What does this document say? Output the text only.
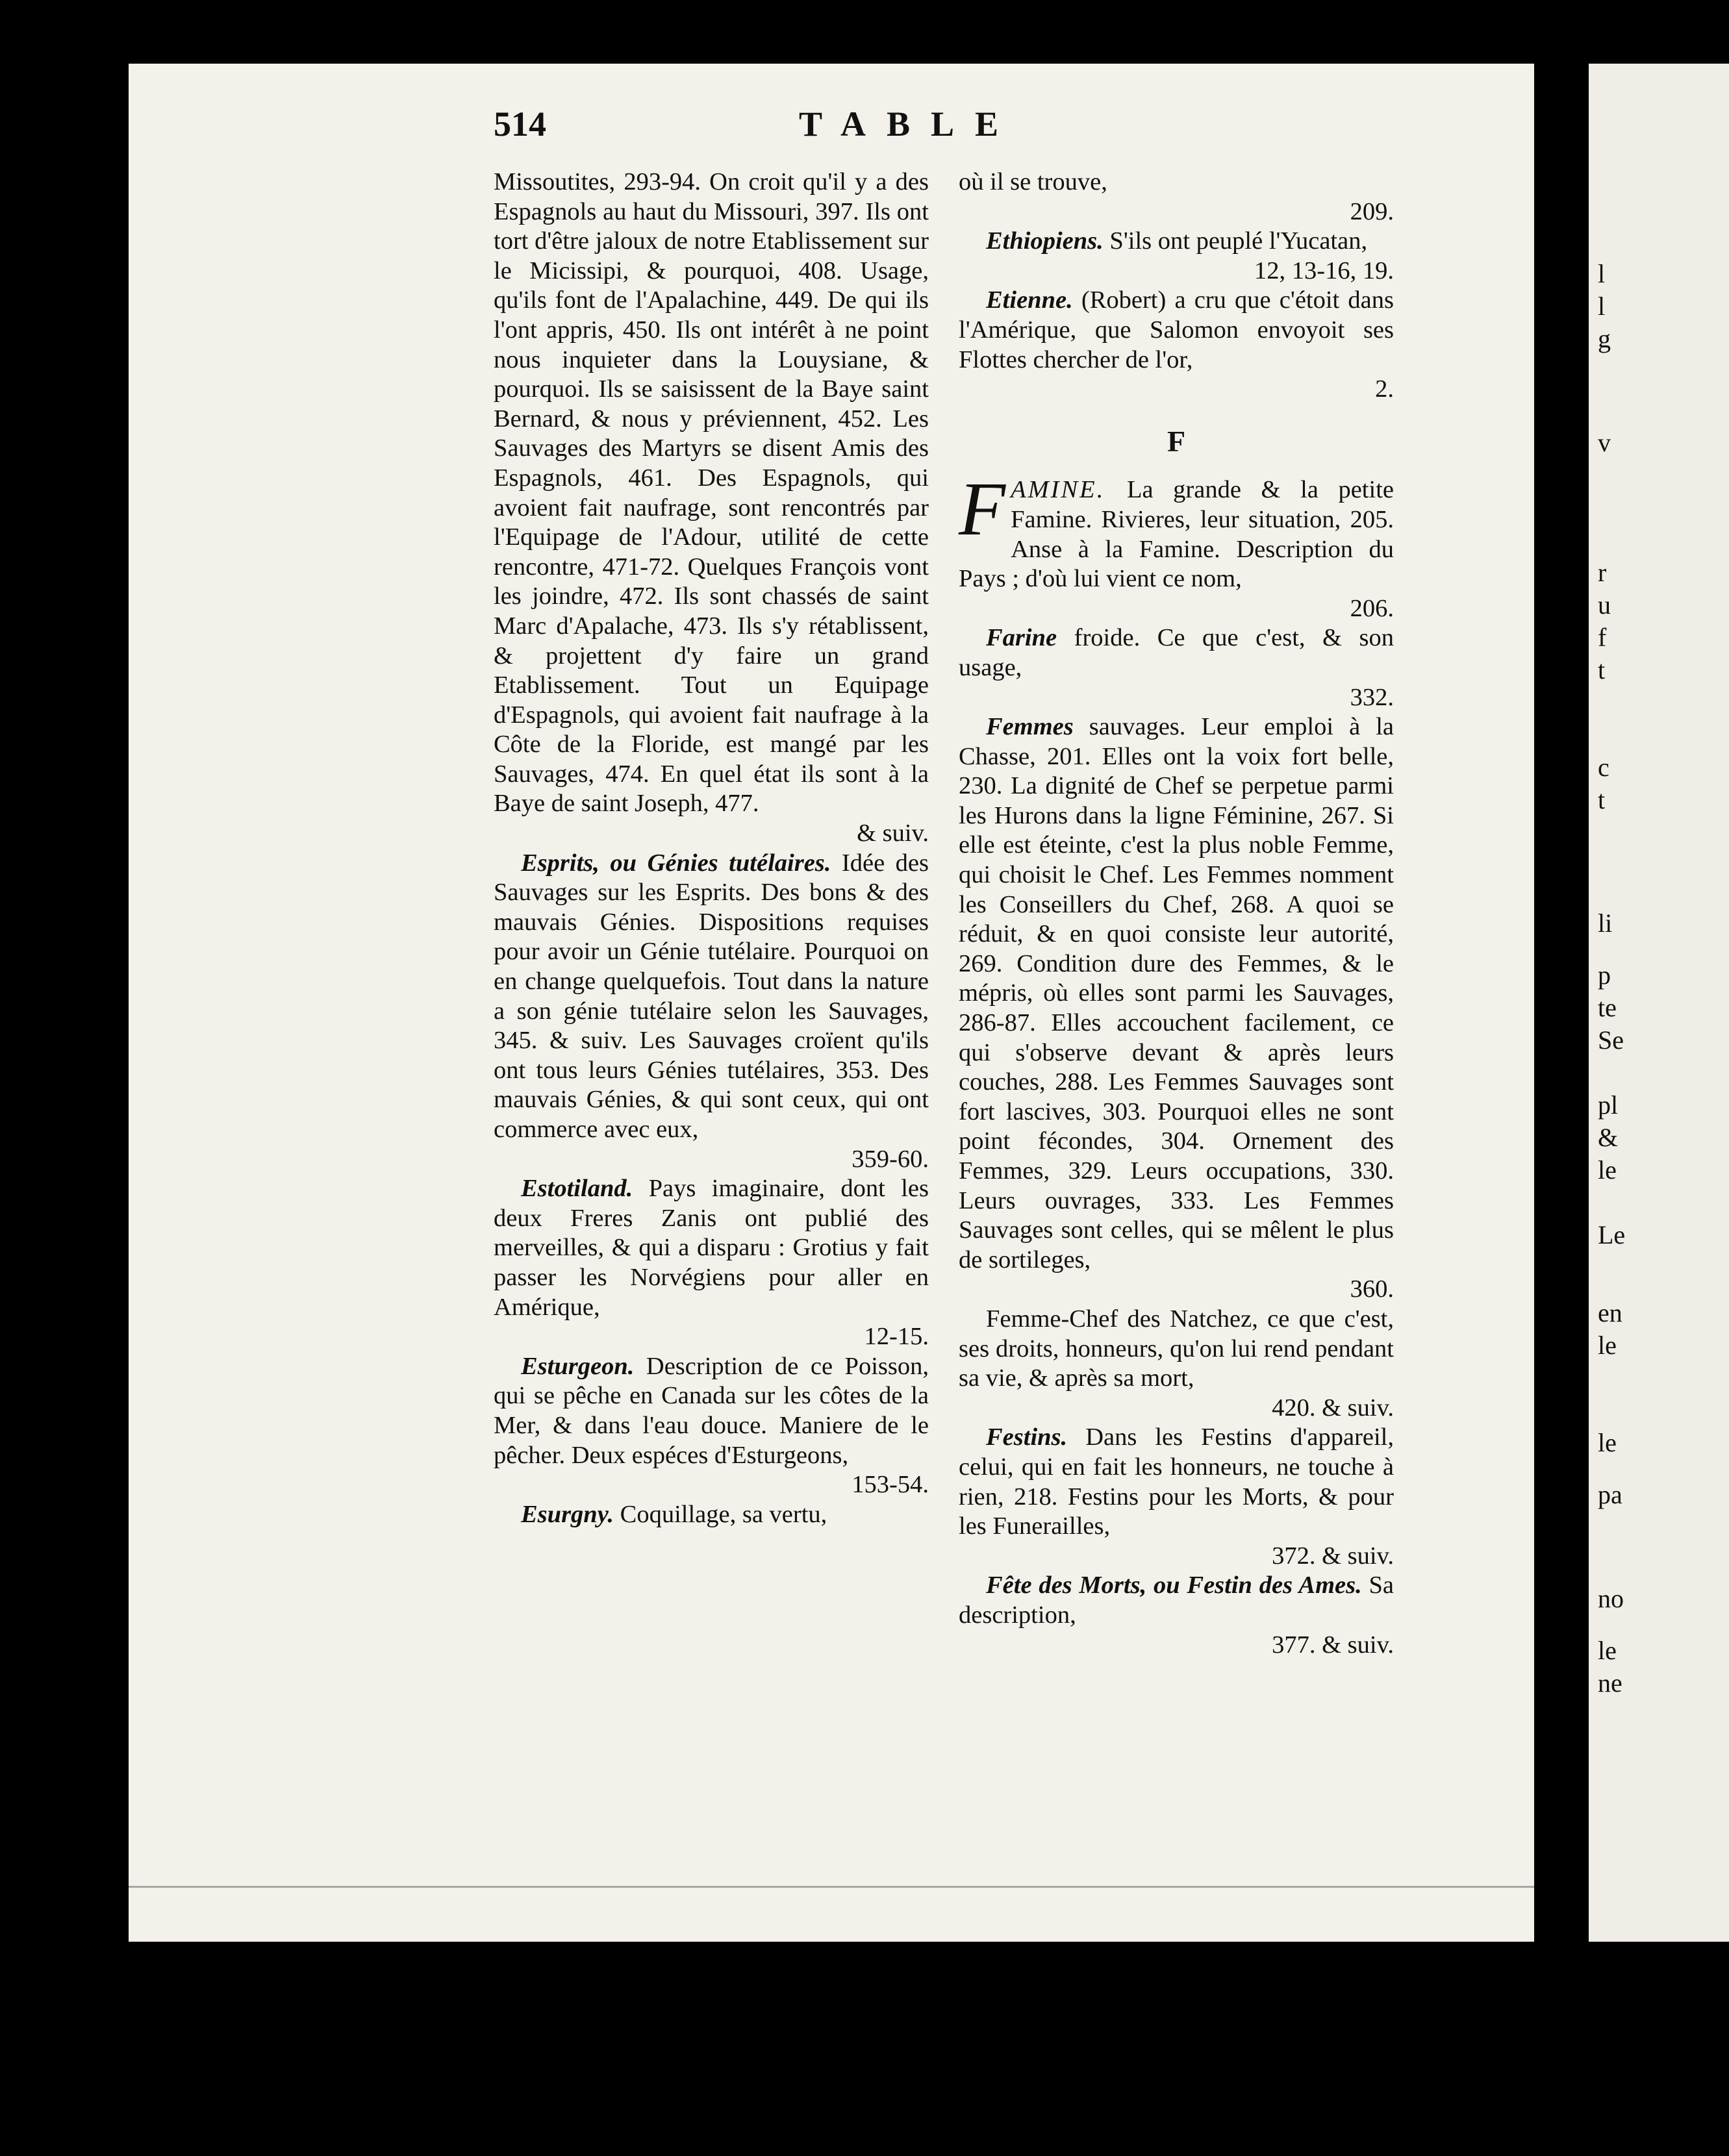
l
l
g
v
r
u
f
t
c
t
li
p
te
Se
pl
&
le
Le
en
le
le
pa
no
le
ne
514	TABLE

Missoutites, 293-94. On croit qu'il y a des Espagnols au haut du Missouri, 397. Ils ont tort d'être jaloux de notre Etablissement sur le Micissipi, & pourquoi, 408. Usage, qu'ils font de l'Apalachine, 449. De qui ils l'ont appris, 450. Ils ont intérêt à ne point nous inquieter dans la Louysiane, & pourquoi. Ils se saisissent de la Baye saint Bernard, & nous y préviennent, 452. Les Sauvages des Martyrs se disent Amis des Espagnols, 461. Des Espagnols, qui avoient fait naufrage, sont rencontrés par l'Equipage de l'Adour, utilité de cette rencontre, 471-72. Quelques François vont les joindre, 472. Ils sont chassés de saint Marc d'Apalache, 473. Ils s'y rétablissent, & projettent d'y faire un grand Etablissement. Tout un Equipage d'Espagnols, qui avoient fait naufrage à la Côte de la Floride, est mangé par les Sauvages, 474. En quel état ils sont à la Baye de saint Joseph, 477.
& suiv.

Esprits, ou Génies tutélaires. Idée des Sauvages sur les Esprits. Des bons & des mauvais Génies. Dispositions requises pour avoir un Génie tutélaire. Pourquoi on en change quelquefois. Tout dans la nature a son génie tutélaire selon les Sauvages, 345. & suiv. Les Sauvages croïent qu'ils ont tous leurs Génies tutélaires, 353. Des mauvais Génies, & qui sont ceux, qui ont commerce avec eux,
359-60.

Estotiland. Pays imaginaire, dont les deux Freres Zanis ont publié des merveilles, & qui a disparu : Grotius y fait passer les Norvégiens pour aller en Amérique,
12-15.

Esturgeon. Description de ce Poisson, qui se pêche en Canada sur les côtes de la Mer, & dans l'eau douce. Maniere de le pêcher. Deux espéces d'Esturgeons,
153-54.

Esurgny. Coquillage, sa vertu,

où il se trouve,
209.

Ethiopiens. S'ils ont peuplé l'Yucatan,
12, 13-16, 19.

Etienne. (Robert) a cru que c'étoit dans l'Amérique, que Salomon envoyoit ses Flottes chercher de l'or,
2.

F

FAMINE. La grande & la petite Famine. Rivieres, leur situation, 205. Anse à la Famine. Description du Pays ; d'où lui vient ce nom,
206.

Farine froide. Ce que c'est, & son usage,
332.

Femmes sauvages. Leur emploi à la Chasse, 201. Elles ont la voix fort belle, 230. La dignité de Chef se perpetue parmi les Hurons dans la ligne Féminine, 267. Si elle est éteinte, c'est la plus noble Femme, qui choisit le Chef. Les Femmes nomment les Conseillers du Chef, 268. A quoi se réduit, & en quoi consiste leur autorité, 269. Condition dure des Femmes, & le mépris, où elles sont parmi les Sauvages, 286-87. Elles accouchent facilement, ce qui s'observe devant & après leurs couches, 288. Les Femmes Sauvages sont fort lascives, 303. Pourquoi elles ne sont point fécondes, 304. Ornement des Femmes, 329. Leurs occupations, 330. Leurs ouvrages, 333. Les Femmes Sauvages sont celles, qui se mêlent le plus de sortileges,
360.

Femme-Chef des Natchez, ce que c'est, ses droits, honneurs, qu'on lui rend pendant sa vie, & après sa mort,
420. & suiv.

Festins. Dans les Festins d'appareil, celui, qui en fait les honneurs, ne touche à rien, 218. Festins pour les Morts, & pour les Funerailles,
372. & suiv.

Fête des Morts, ou Festin des Ames. Sa description,
377. & suiv.
